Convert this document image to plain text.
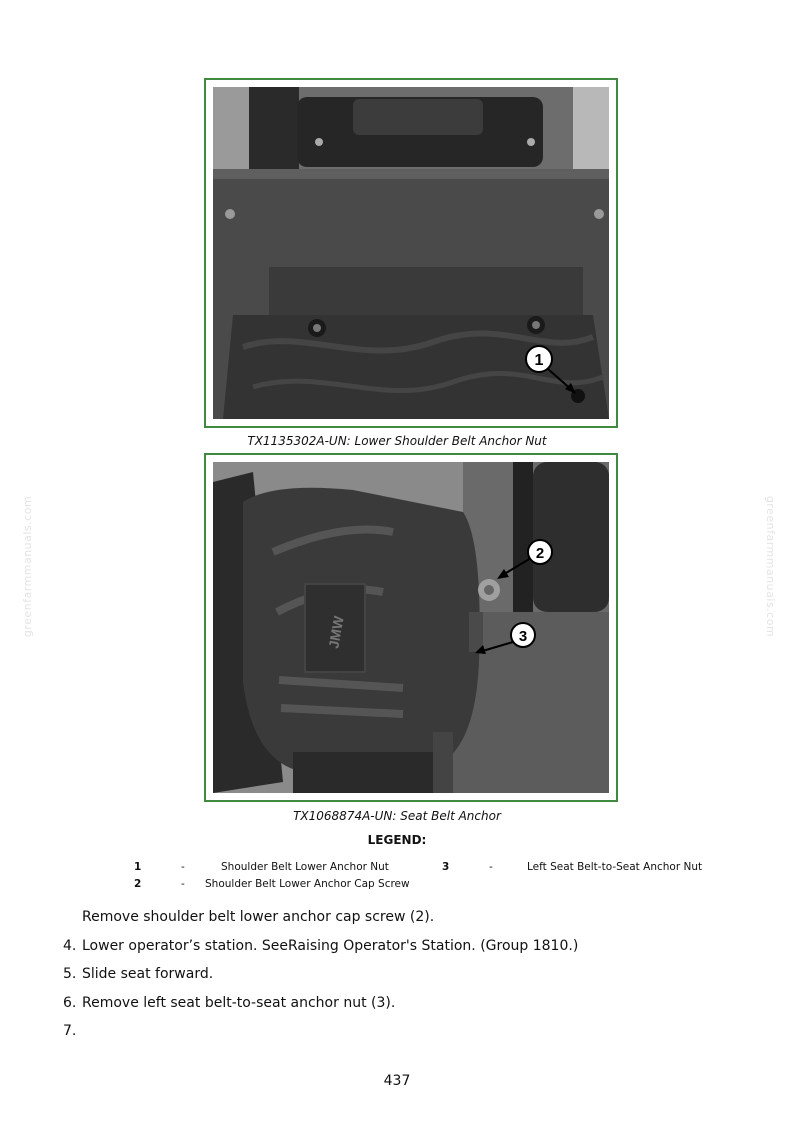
greenfarmmanuals.com	greenfarmmanuals.com
1
TX1135302A-UN: Lower Shoulder Belt Anchor Nut
JMW
2
3
TX1068874A-UN: Seat Belt Anchor
LEGEND:
1	-	Shoulder Belt Lower Anchor Nut	3	-	Left Seat Belt-to-Seat Anchor Nut
2	- Shoulder Belt Lower Anchor Cap Screw
Remove shoulder belt lower anchor cap screw (2).
4. Lower operator’s station. SeeRaising Operator's Station. (Group 1810.)
5. Slide seat forward.
6. Remove left seat belt-to-seat anchor nut (3).
7.
437
